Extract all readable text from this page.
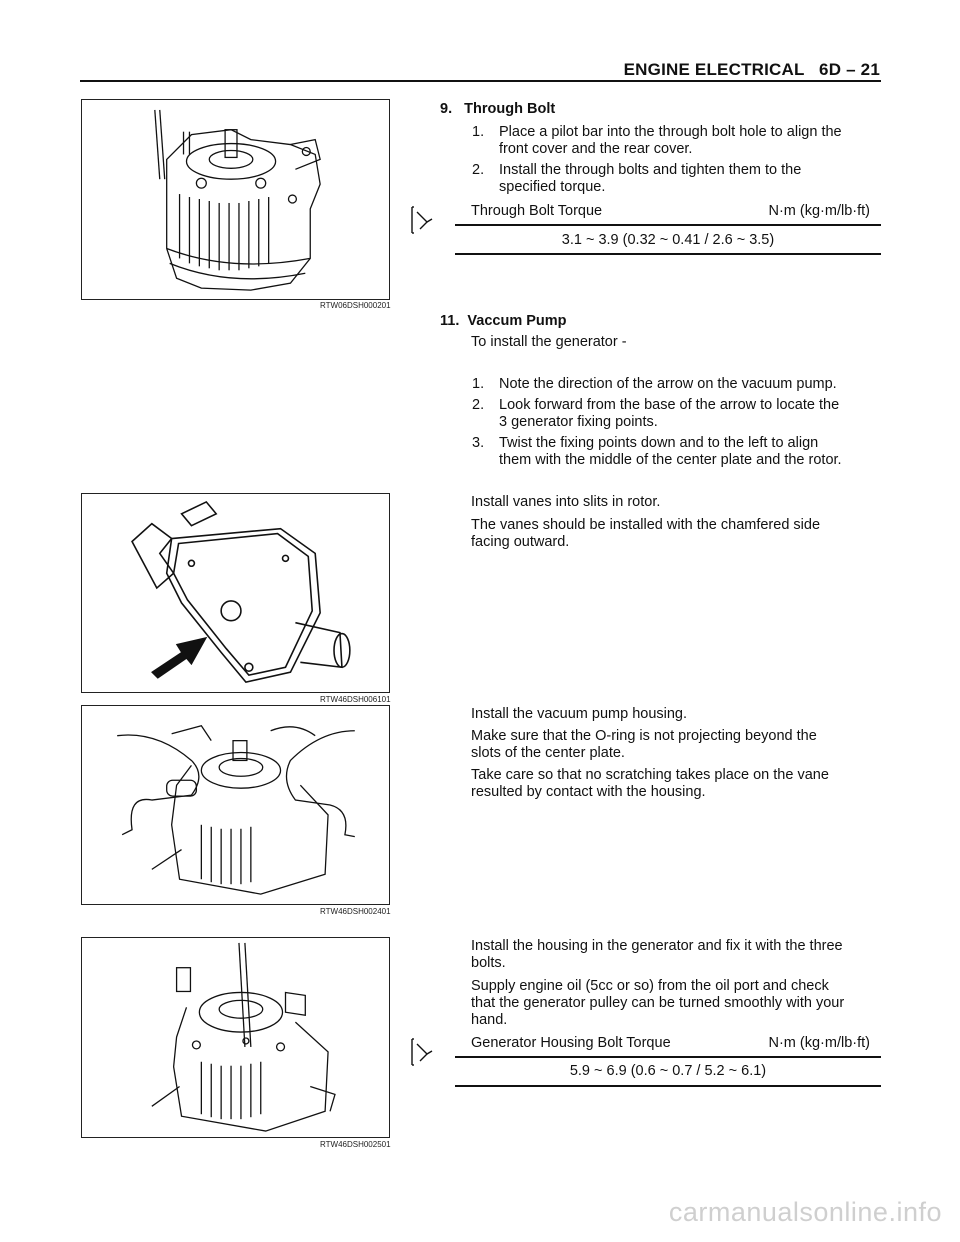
ENGINE ELECTRICAL   6D – 21
RTW06DSH000201
RTW46DSH006101
RTW46DSH002401
RTW46DSH002501
9.   Through Bolt
1. Place a pilot bar into the through bolt hole to align the
front cover and the rear cover.
2. Install the through bolts and tighten them to the
specified torque.
Through Bolt Torque	N·m (kg·m/lb·ft)
3.1 ~ 3.9 (0.32 ~ 0.41 / 2.6 ~ 3.5)
11.  Vaccum Pump
To install the generator -
1. Note the direction of the arrow on the vacuum pump.
2. Look forward from the base of the arrow to locate the
3 generator fixing points.
3. Twist the fixing points down and to the left to align
them with the middle of the center plate and the rotor.
Install vanes into slits in rotor.
The vanes should be installed with the chamfered side
facing outward.
Install the vacuum pump housing.
Make sure that the O-ring is not projecting beyond the
slots of the center plate.
Take care so that no scratching takes place on the vane
resulted by contact with the housing.
Install the housing in the generator and fix it with the three
bolts.
Supply engine oil (5cc or so) from the oil port and check
that the generator pulley can be turned smoothly with your
hand.
Generator Housing Bolt Torque	N·m (kg·m/lb·ft)
5.9 ~ 6.9 (0.6 ~ 0.7 / 5.2 ~ 6.1)
carmanualsonline.info
